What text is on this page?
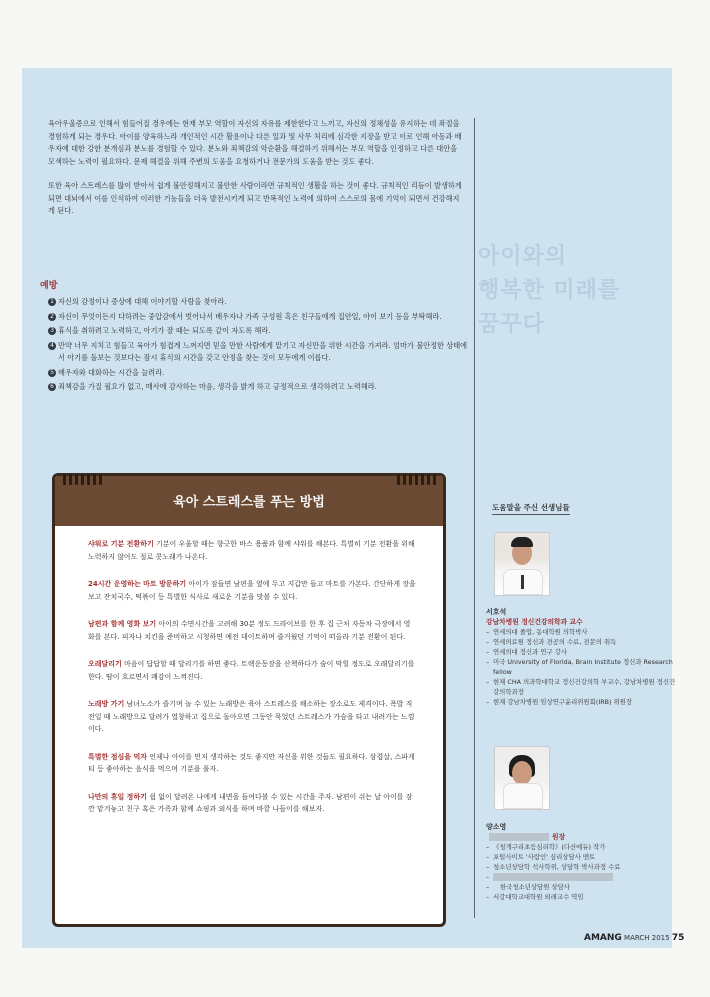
육아우울증으로 인해서 힘들어질 경우에는 현재 부모 역할이 자신의 자유를 제한한다고 느끼고, 자신의 정체성을 유지하는 데 좌절을 경험하게 되는 경우다. 아이를 양육하느라 개인적인 시간 활용이나 다른 일과 및 사무 처리에 심각한 지장을 받고 이로 인해 아동과 배우자에 대한 강한 분개심과 분노를 경험할 수 있다. 분노와 죄책감의 악순환을 해결하기 위해서는 부모 역할을 인정하고 다른 대안을 모색하는 노력이 필요하다. 문제 해결을 위해 주변의 도움을 요청하거나 전문가의 도움을 받는 것도 좋다.

또한 육아 스트레스를 많이 받아서 쉽게 불안정해지고 불안한 사람이라면 규칙적인 생활을 하는 것이 좋다. 규칙적인 리듬이 발생하게 되면 대뇌에서 이를 인식하여 이러한 기능들을 더욱 발전시키게 되고 반복적인 노력에 의하여 스스로의 몸에 기억이 되면서 건강해지게 된다.

예방
1 자신의 감정이나 증상에 대해 이야기할 사람을 찾아라.
2 자신이 무엇이든지 다하려는 중압감에서 벗어나서 배우자나 가족 구성원 혹은 친구들에게 집안일, 아이 보기 등을 부탁해라.
3 휴식을 취하려고 노력하고, 아기가 잘 때는 되도록 같이 자도록 해라.
4 만약 너무 지치고 힘들고 육아가 힘겹게 느껴지면 믿을 만한 사람에게 맡기고 자신만을 위한 시간을 가져라. 엄마가 불안정한 상태에서 아기를 돌보는 것보다는 잠시 휴식의 시간을 갖고 안정을 찾는 것이 모두에게 이롭다.
5 배우자와 대화하는 시간을 늘려라.
6 죄책감을 가질 필요가 없고, 매사에 감사하는 마음, 생각을 밝게 하고 긍정적으로 생각하려고 노력해라.
아이와의
행복한 미래를
꿈꾸다
육아 스트레스를 푸는 방법

샤워로 기분 전환하기 기분이 우울할 때는 향긋한 바스 용품과 함께 샤워를 해본다. 특별히 기분 전환을 위해 노력하지 않아도 절로 콧노래가 나온다.

24시간 운영하는 마트 방문하기 아이가 잠들면 남편을 옆에 두고 지갑만 들고 마트를 가본다. 간단하게 장을 보고 잔치국수, 떡볶이 등 특별한 식사로 새로운 기분을 맛볼 수 있다.

남편과 함께 영화 보기 아이의 수면시간을 고려해 30분 정도 드라이브를 한 후 집 근처 자동차 극장에서 영화를 본다. 피자나 치킨을 준비하고 시청하면 예전 데이트하며 즐거웠던 기억이 떠올라 기분 전환이 된다.

오래달리기 마음이 답답할 때 달리기를 하면 좋다. 트랙운동장을 산책하다가 숨이 막힐 정도로 오래달리기를 한다. 땀이 흐르면서 쾌감이 느껴진다.

노래방 가기 남녀노소가 즐기며 놀 수 있는 노래방은 육아 스트레스를 해소하는 장소로도 제격이다. 폭발 직전일 때 노래방으로 달려가 열창하고 집으로 돌아오면 그동안 묵었던 스트레스가 가슴을 타고 내려가는 느낌이다.

특별한 점심을 먹자 언제나 아이를 먼저 생각하는 것도 좋지만 자신을 위한 것들도 필요하다. 삼겹살, 스파게티 등 좋아하는 음식을 먹으며 기분을 풀자.

나만의 휴일 정하기 쉼 없이 달려온 나에게 내면을 들여다볼 수 있는 시간을 주자. 남편이 쉬는 날 아이를 잠깐 맡겨놓고 친구 혹은 가족과 함께 쇼핑과 외식을 하며 바깥 나들이를 해보자.

도움말을 주신 선생님들
서호석
강남차병원 정신건강의학과 교수
– 연세의대 졸업, 동대학원 의학박사
– 연세의료원 정신과 전공의 수료, 전문의 취득
– 연세의대 정신과 연구 강사
– 미국 University of Florida, Brain Institute 정신과 Research fellow
– 현재 CHA 의과학대학교 정신건강의학 부교수, 강남차병원 정신건강의학과장
– 현재 강남차병원 임상연구윤리위원회(IRB) 위원장
양소영
원장
– 《청개구리초등심리학》(다산에듀) 작가
– 포털사이트 '사람인' 심리상담사 멘토
– 청소년상담학 석사학위, 상담학 박사과정 수료
–
– 한국청소년상담원 상담사
– 서강대학교대학원 외래교수 역임
AMANG MARCH 2015 75
